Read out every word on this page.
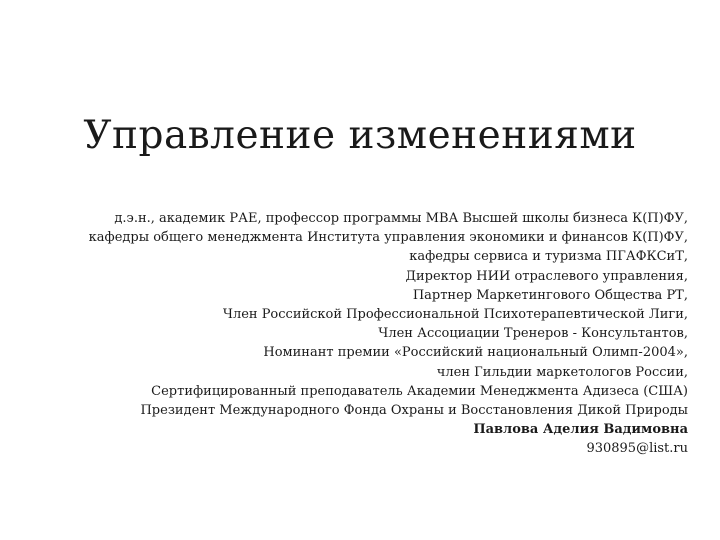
Управление изменениями
д.э.н., академик РАЕ, профессор программы МВА Высшей школы бизнеса К(П)ФУ,
кафедры общего менеджмента Института управления экономики и финансов К(П)ФУ,
кафедры сервиса и туризма ПГАФКСиТ,
Директор НИИ отраслевого управления,
Партнер Маркетингового Общества РТ,
Член Российской Профессиональной Психотерапевтической Лиги,
Член Ассоциации Тренеров - Консультантов,
Номинант премии «Российский национальный Олимп-2004»,
член Гильдии маркетологов России,
Сертифицированный преподаватель Академии Менеджмента Адизеса (США)
Президент Международного Фонда Охраны и Восстановления Дикой Природы
Павлова Аделия Вадимовна
930895@list.ru
